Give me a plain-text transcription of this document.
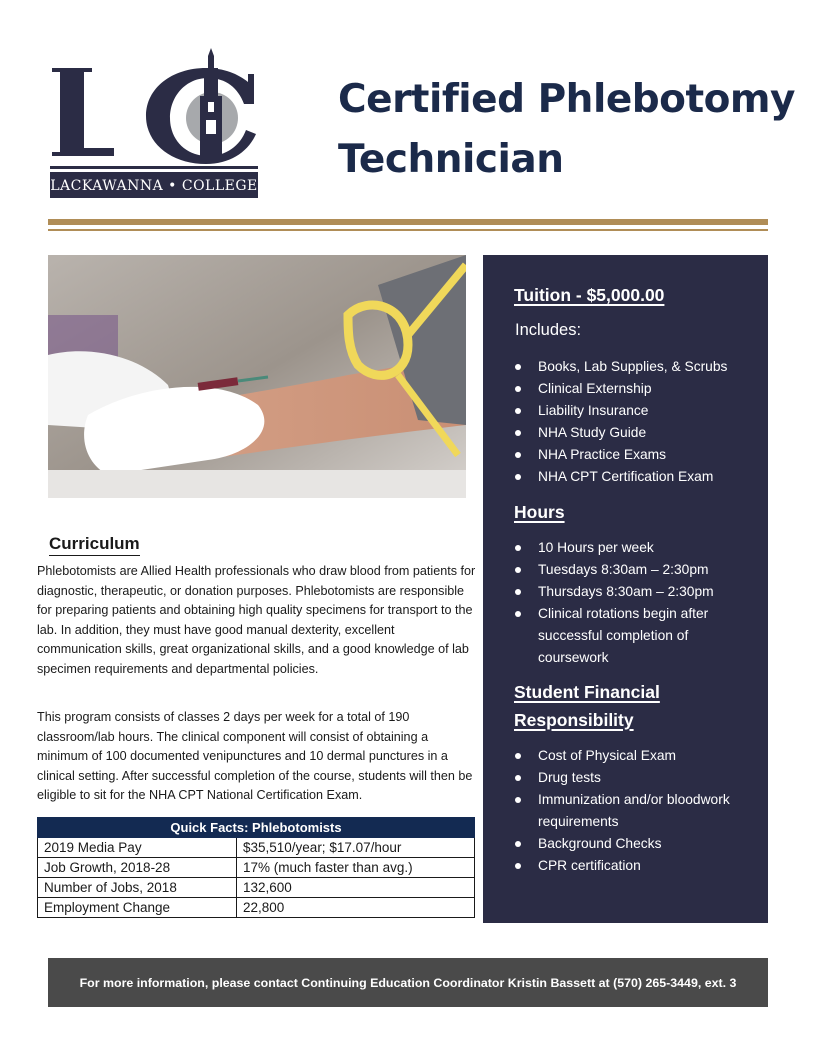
LACKAWANNA • COLLEGE
Certified Phlebotomy
Technician
Curriculum

Phlebotomists are Allied Health professionals who draw blood from patients for diagnostic, therapeutic, or donation purposes. Phlebotomists are responsible for preparing patients and obtaining high quality specimens for transport to the lab. In addition, they must have good manual dexterity, excellent communication skills, great organizational skills, and a good knowledge of lab specimen requirements and departmental policies.

This program consists of classes 2 days per week for a total of 190 classroom/lab hours. The clinical component will consist of obtaining a minimum of 100 documented venipunctures and 10 dermal punctures in a clinical setting. After successful completion of the course, students will then be eligible to sit for the NHA CPT National Certification Exam.

Quick Facts: Phlebotomists	
2019 Media Pay	$35,510/year; $17.07/hour
Job Growth, 2018-28	17% (much faster than avg.)
Number of Jobs, 2018	132,600
Employment Change	22,800
Tuition - $5,000.00
Includes:
Books, Lab Supplies, & Scrubs
Clinical Externship
Liability Insurance
NHA Study Guide
NHA Practice Exams
NHA CPT Certification Exam
Hours
10 Hours per week
Tuesdays 8:30am – 2:30pm
Thursdays 8:30am – 2:30pm
Clinical rotations begin after successful completion of coursework
Student Financial
Responsibility
Cost of Physical Exam
Drug tests
Immunization and/or bloodwork requirements
Background Checks
CPR certification
For more information, please contact Continuing Education Coordinator Kristin Bassett at (570) 265-3449, ext. 3
